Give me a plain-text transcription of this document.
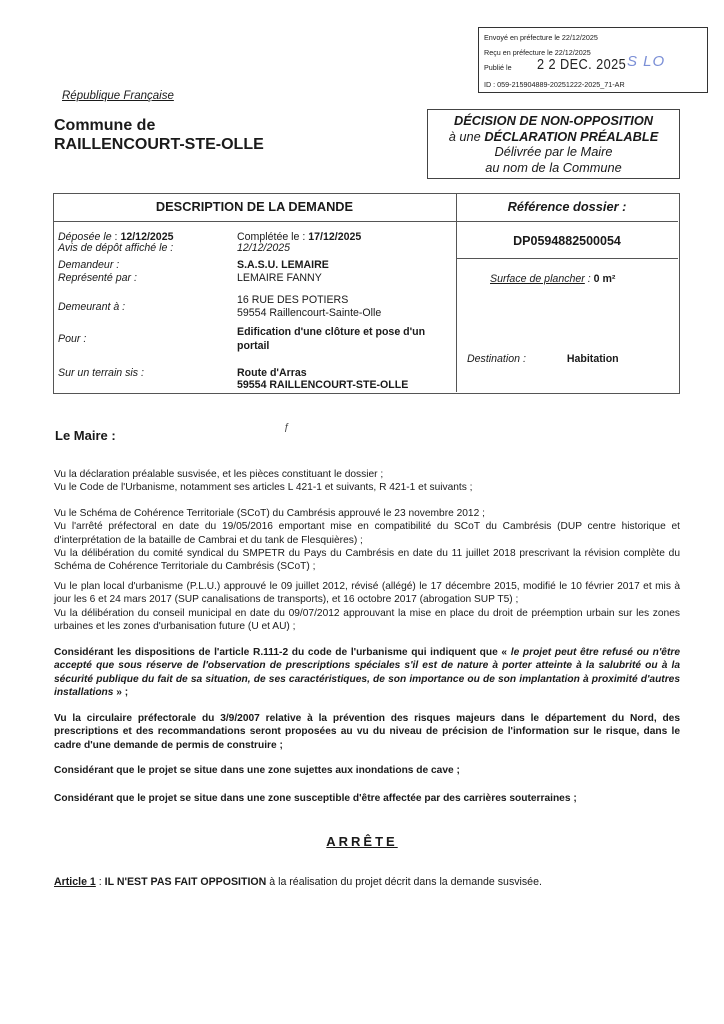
Envoyé en préfecture le 22/12/2025
Reçu en préfecture le 22/12/2025
Publié le 2 2 DEC. 2025 S LO
ID : 059-215904889-20251222-2025_71-AR
République Française
Commune de
RAILLENCOURT-STE-OLLE
DÉCISION DE NON-OPPOSITION
à une DÉCLARATION PRÉALABLE
Délivrée par le Maire
au nom de la Commune
DESCRIPTION DE LA DEMANDE	Référence dossier :
DP0594882500054
Déposée le : 12/12/2025	Complétée le : 17/12/2025
Avis de dépôt affiché le :	12/12/2025
Demandeur :	S.A.S.U. LEMAIRE
Représenté par :	LEMAIRE FANNY
Demeurant à :
16 RUE DES POTIERS
59554 Raillencourt-Sainte-Olle
Pour :
Edification d'une clôture et pose d'un
portail
Sur un terrain sis :	Route d'Arras
59554 RAILLENCOURT-STE-OLLE
Surface de plancher : 0 m²
Destination :	Habitation
Le Maire :
ƒ

Vu la déclaration préalable susvisée, et les pièces constituant le dossier ;

Vu le Code de l'Urbanisme, notamment ses articles L 421-1 et suivants, R 421-1 et suivants ;

Vu le Schéma de Cohérence Territoriale (SCoT) du Cambrésis approuvé le 23 novembre 2012 ;

Vu l'arrêté préfectoral en date du 19/05/2016 emportant mise en compatibilité du SCoT du Cambrésis (DUP centre historique et d'interprétation de la bataille de Cambrai et du tank de Flesquières) ;

Vu la délibération du comité syndical du SMPETR du Pays du Cambrésis en date du 11 juillet 2018 prescrivant la révision complète du Schéma de Cohérence Territoriale du Cambrésis (SCoT) ;

Vu le plan local d'urbanisme (P.L.U.) approuvé le 09 juillet 2012, révisé (allégé) le 17 décembre 2015, modifié le 10 février 2017 et mis à jour les 6 et 24 mars 2017 (SUP canalisations de transports), et 16 octobre 2017 (abrogation SUP T5) ;

Vu la délibération du conseil municipal en date du 09/07/2012 approuvant la mise en place du droit de préemption urbain sur les zones urbaines et les zones d'urbanisation future (U et AU) ;

Considérant les dispositions de l'article R.111-2 du code de l'urbanisme qui indiquent que « le projet peut être refusé ou n'être accepté que sous réserve de l'observation de prescriptions spéciales s'il est de nature à porter atteinte à la salubrité ou à la sécurité publique du fait de sa situation, de ses caractéristiques, de son importance ou de son implantation à proximité d'autres installations » ;
Vu la circulaire préfectorale du 3/9/2007 relative à la prévention des risques majeurs dans le département du Nord, des prescriptions et des recommandations seront proposées au vu du niveau de précision de l'information sur le risque, dans le cadre d'une demande de permis de construire ;
Considérant que le projet se situe dans une zone sujettes aux inondations de cave ;
Considérant que le projet se situe dans une zone susceptible d'être affectée par des carrières souterraines ;
ARRÊTE
Article 1 : IL N'EST PAS FAIT OPPOSITION à la réalisation du projet décrit dans la demande susvisée.
